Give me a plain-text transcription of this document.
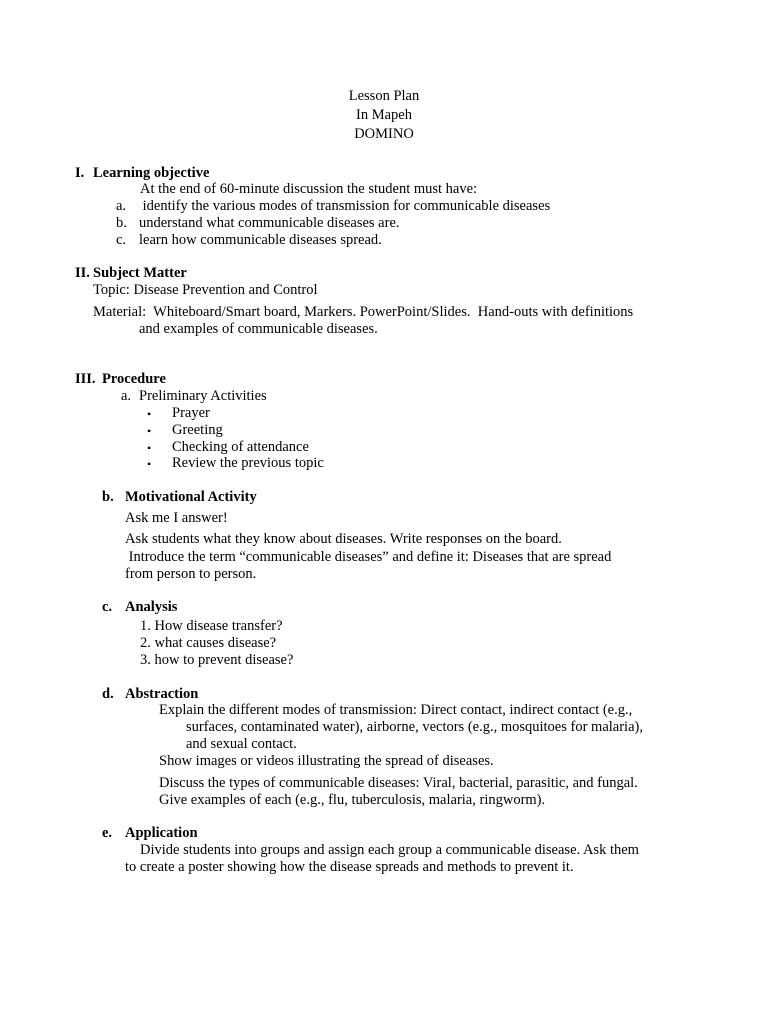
Lesson Plan
In Mapeh
DOMINO
I. Learning objective
At the end of 60-minute discussion the student must have:
a. identify the various modes of transmission for communicable diseases
b. understand what communicable diseases are.
c. learn how communicable diseases spread.
II. Subject Matter
Topic: Disease Prevention and Control
Material:  Whiteboard/Smart board, Markers. PowerPoint/Slides.  Hand-outs with definitions
and examples of communicable diseases.
III. Procedure
a. Preliminary Activities
• Prayer
• Greeting
• Checking of attendance
• Review the previous topic
b. Motivational Activity
Ask me I answer!
Ask students what they know about diseases. Write responses on the board.
Introduce the term “communicable diseases” and define it: Diseases that are spread
from person to person.
c. Analysis
1. How disease transfer?
2. what causes disease?
3. how to prevent disease?
d. Abstraction
Explain the different modes of transmission: Direct contact, indirect contact (e.g.,
surfaces, contaminated water), airborne, vectors (e.g., mosquitoes for malaria),
and sexual contact.
Show images or videos illustrating the spread of diseases.
Discuss the types of communicable diseases: Viral, bacterial, parasitic, and fungal.
Give examples of each (e.g., flu, tuberculosis, malaria, ringworm).
e. Application
Divide students into groups and assign each group a communicable disease. Ask them
to create a poster showing how the disease spreads and methods to prevent it.
